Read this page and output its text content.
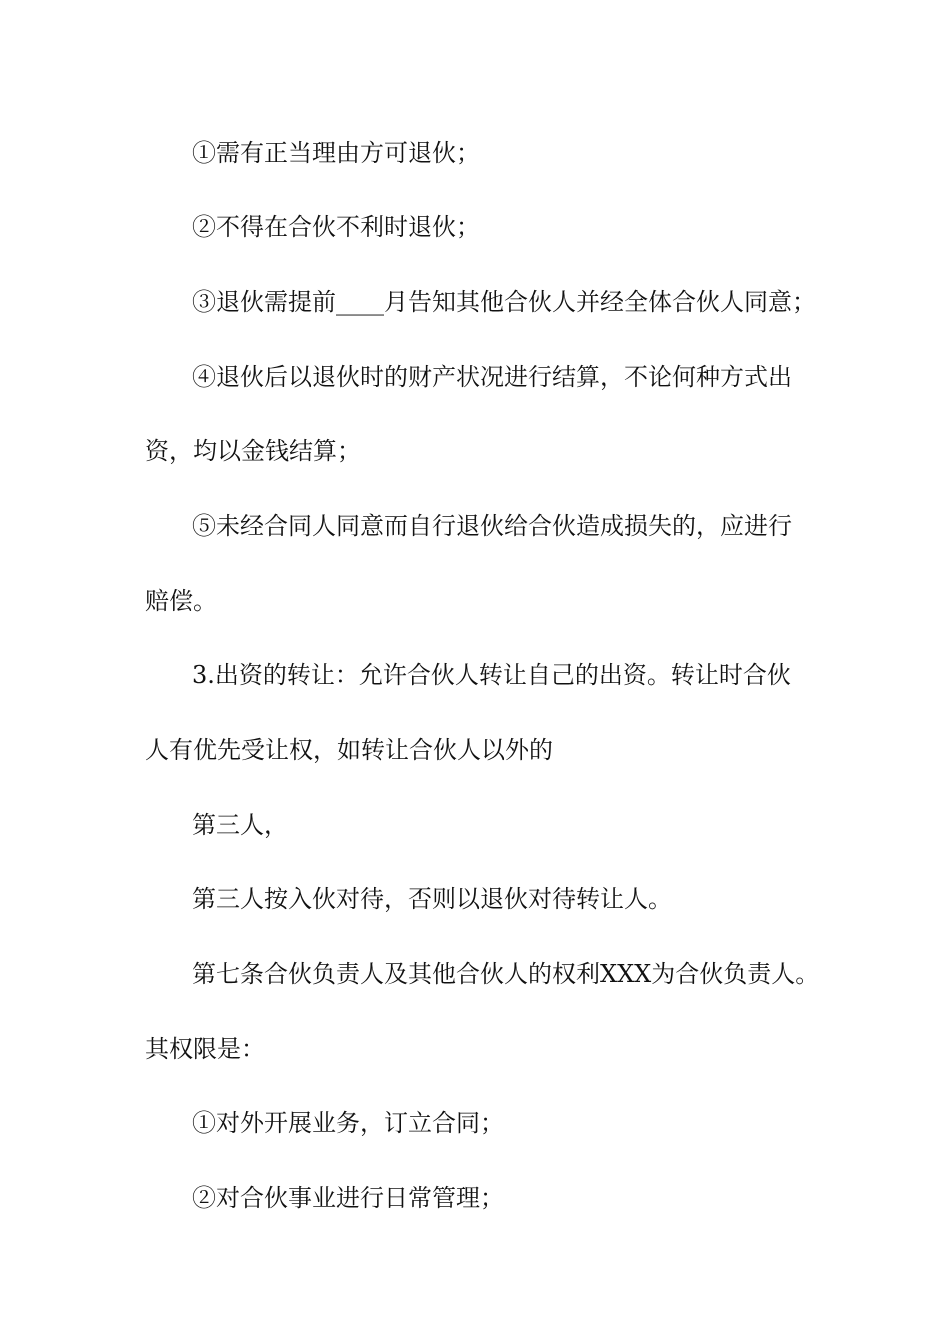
①需有正当理由方可退伙；
②不得在合伙不利时退伙；
③退伙需提前____月告知其他合伙人并经全体合伙人同意；
④退伙后以退伙时的财产状况进行结算，不论何种方式出
资，均以金钱结算；
⑤未经合同人同意而自行退伙给合伙造成损失的，应进行
赔偿。
3.出资的转让：允许合伙人转让自己的出资。转让时合伙
人有优先受让权，如转让合伙人以外的
第三人，
第三人按入伙对待，否则以退伙对待转让人。
第七条合伙负责人及其他合伙人的权利XXX为合伙负责人。
其权限是：
①对外开展业务，订立合同；
②对合伙事业进行日常管理；
